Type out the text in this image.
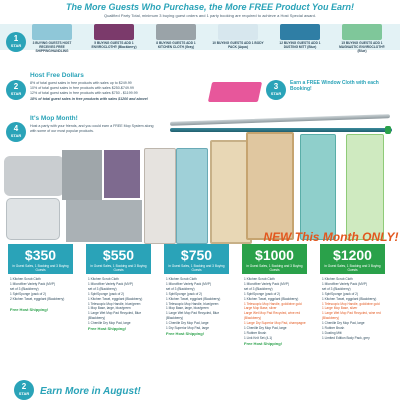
The More Guests Who Purchase, the More FREE Product You Earn!
Qualified Party Total, minimum 3 buying guest orders and 1 party booking are required to achieve a Host Special award.
1
STAR	3 BUYING GUESTS HOST RECEIVES FREE SHIPPING/HANDLING
5 BUYING GUESTS ADD 1 ENVIROCLOTH® (Blackberry)
8 BUYING GUESTS ADD 1 KITCHEN CLOTH (Gray)
10 BUYING GUESTS ADD 1 BODY PACK (Aqua)
12 BUYING GUESTS ADD 1 DUSTING MITT (Blue)
15 BUYING GUESTS ADD 1 MAGNASTIC ENVIROCLOTH® (Blue)
2
STAR
Host Free Dollars
8% of total guest sales in free products with sales up to $249.99
10% of total guest sales in free products with sales $250-$749.99
12% of total guest sales in free products with sales $750 - $1199.99
18% of total guest sales in free products with sales $1200 and above!
3
STAR
Earn a FREE Window Cloth with each Booking!
4
STAR
It's Mop Month!
Host a party with your friends, and you could earn a FREE Mop System along with some of our most popular products.
NEW This Month ONLY!
$350
in Guest Sales, 1 Booking and 3 Buying Guests
1 Kitchen Scrub Cloth
1 Microfiber Variety Pack (MVP)
set of 3 (Blackberry)
1 SpiriSponge (pack of 2)
2 Kitchen Towel, eggplant (Blackberry)
Free Host Shipping!
$550
in Guest Sales, 1 Booking and 3 Buying Guests
1 Kitchen Scrub Cloth
1 Microfiber Variety Pack (MVP)
set of 3 (Blackberry)
1 SpiriSponge (pack of 2)
1 Kitchen Towel, eggplant (Blackberry)
1 Telescopic Mop Handle, blue/green
1 Mop Base, large, blue/green
1 Large Wet Mop Pad Recycled, Blue (Blackberry)
1 Chenille Dry Mop Pad, large
Free Host Shipping!
$750
in Guest Sales, 1 Booking and 3 Buying Guests
1 Kitchen Scrub Cloth
1 Microfiber Variety Pack (MVP)
set of 3 (Blackberry)
1 SpiriSponge (pack of 2)
1 Kitchen Towel, eggplant (Blackberry)
1 Telescopic Mop Handle, blue/green
1 Mop Base, large, blue/green
1 Large Wet Mop Pad Recycled, Blue (Blackberry)
1 Chenille Dry Mop Pad, large
1 Dry Superior Mop Pad, large
Free Host Shipping!
$1000
in Guest Sales, 1 Booking and 3 Buying Guests
1 Kitchen Scrub Cloth
1 Microfiber Variety Pack (MVP)
set of 3 (Blackberry)
1 SpiriSponge (pack of 2)
1 Kitchen Towel, eggplant (Blackberry)
1 Telescopic Mop Handle, gold/wine gold
Large Mop Base, silver
Large Wet Mop Pad Recycled, wine red (Blackberry)
1 Large Dry Superior Mop Pad, champagne
1 Chenille Dry Mop Pad, large
1 Rubber Brush
1 Link Knit Set (4-1)
Free Host Shipping!
$1200
in Guest Sales, 1 Booking and 3 Buying Guests
1 Kitchen Scrub Cloth
1 Microfiber Variety Pack (MVP)
set of 3 (Blackberry)
1 SpiriSponge (pack of 2)
1 Kitchen Towel, eggplant (Blackberry)
1 Telescopic Mop Handle, gold/wine gold
1 Large Mop Base, silver
1 Large Wet Mop Pad Recycled, wine red (Blackberry)
1 Chenille Dry Mop Pad, large
1 Rubber Brush
1 Dusting Mitt
1 Limited Edition Body Pack, grey
2
STAR	Earn More in August!
